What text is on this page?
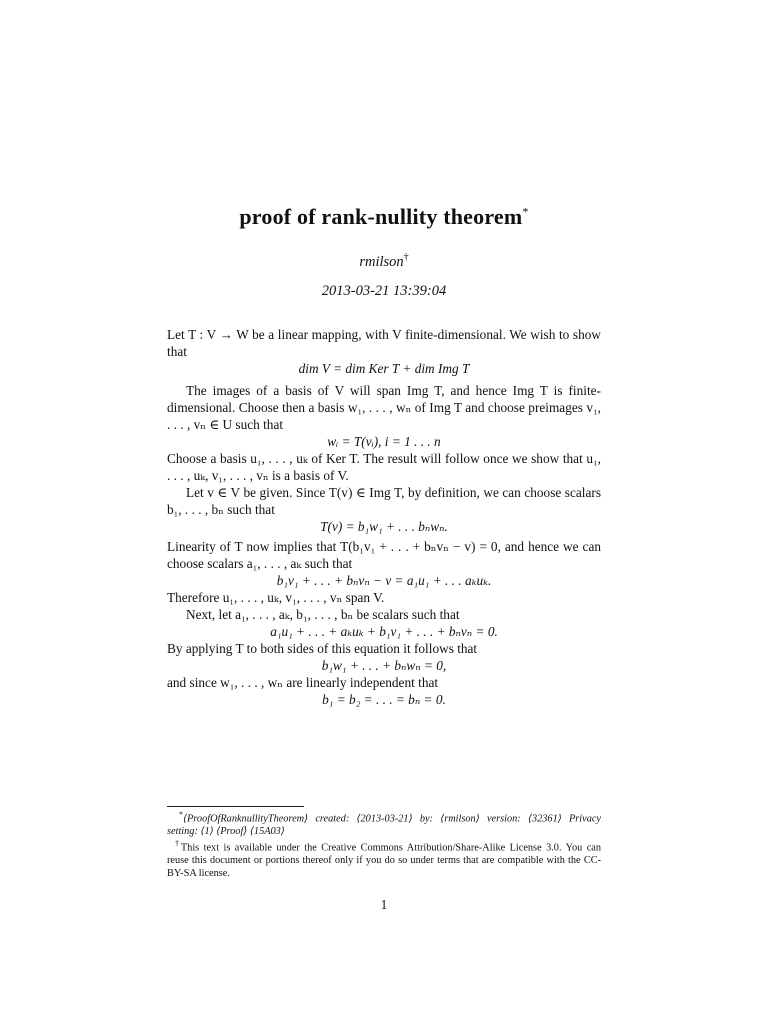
proof of rank-nullity theorem*
rmilson†
2013-03-21 13:39:04

Let T : V → W be a linear mapping, with V finite-dimensional. We wish to show that

dim V = dim Ker T + dim Img T

The images of a basis of V will span Img T, and hence Img T is finite-dimensional. Choose then a basis w₁, . . . , wₙ of Img T and choose preimages v₁, . . . , vₙ ∈ U such that

wᵢ = T(vᵢ), i = 1 . . . n

Choose a basis u₁, . . . , uₖ of Ker T. The result will follow once we show that u₁, . . . , uₖ, v₁, . . . , vₙ is a basis of V.

Let v ∈ V be given. Since T(v) ∈ Img T, by definition, we can choose scalars b₁, . . . , bₙ such that

T(v) = b₁w₁ + . . . bₙwₙ.

Linearity of T now implies that T(b₁v₁ + . . . + bₙvₙ − v) = 0, and hence we can choose scalars a₁, . . . , aₖ such that

b₁v₁ + . . . + bₙvₙ − v = a₁u₁ + . . . aₖuₖ.

Therefore u₁, . . . , uₖ, v₁, . . . , vₙ span V.

Next, let a₁, . . . , aₖ, b₁, . . . , bₙ be scalars such that

a₁u₁ + . . . + aₖuₖ + b₁v₁ + . . . + bₙvₙ = 0.

By applying T to both sides of this equation it follows that

b₁w₁ + . . . + bₙwₙ = 0,

and since w₁, . . . , wₙ are linearly independent that

b₁ = b₂ = . . . = bₙ = 0.

*⟨ProofOfRanknullityTheorem⟩ created: ⟨2013-03-21⟩ by: ⟨rmilson⟩ version: ⟨32361⟩ Privacy setting: ⟨1⟩ ⟨Proof⟩ ⟨15A03⟩

†This text is available under the Creative Commons Attribution/Share-Alike License 3.0. You can reuse this document or portions thereof only if you do so under terms that are compatible with the CC-BY-SA license.

1
